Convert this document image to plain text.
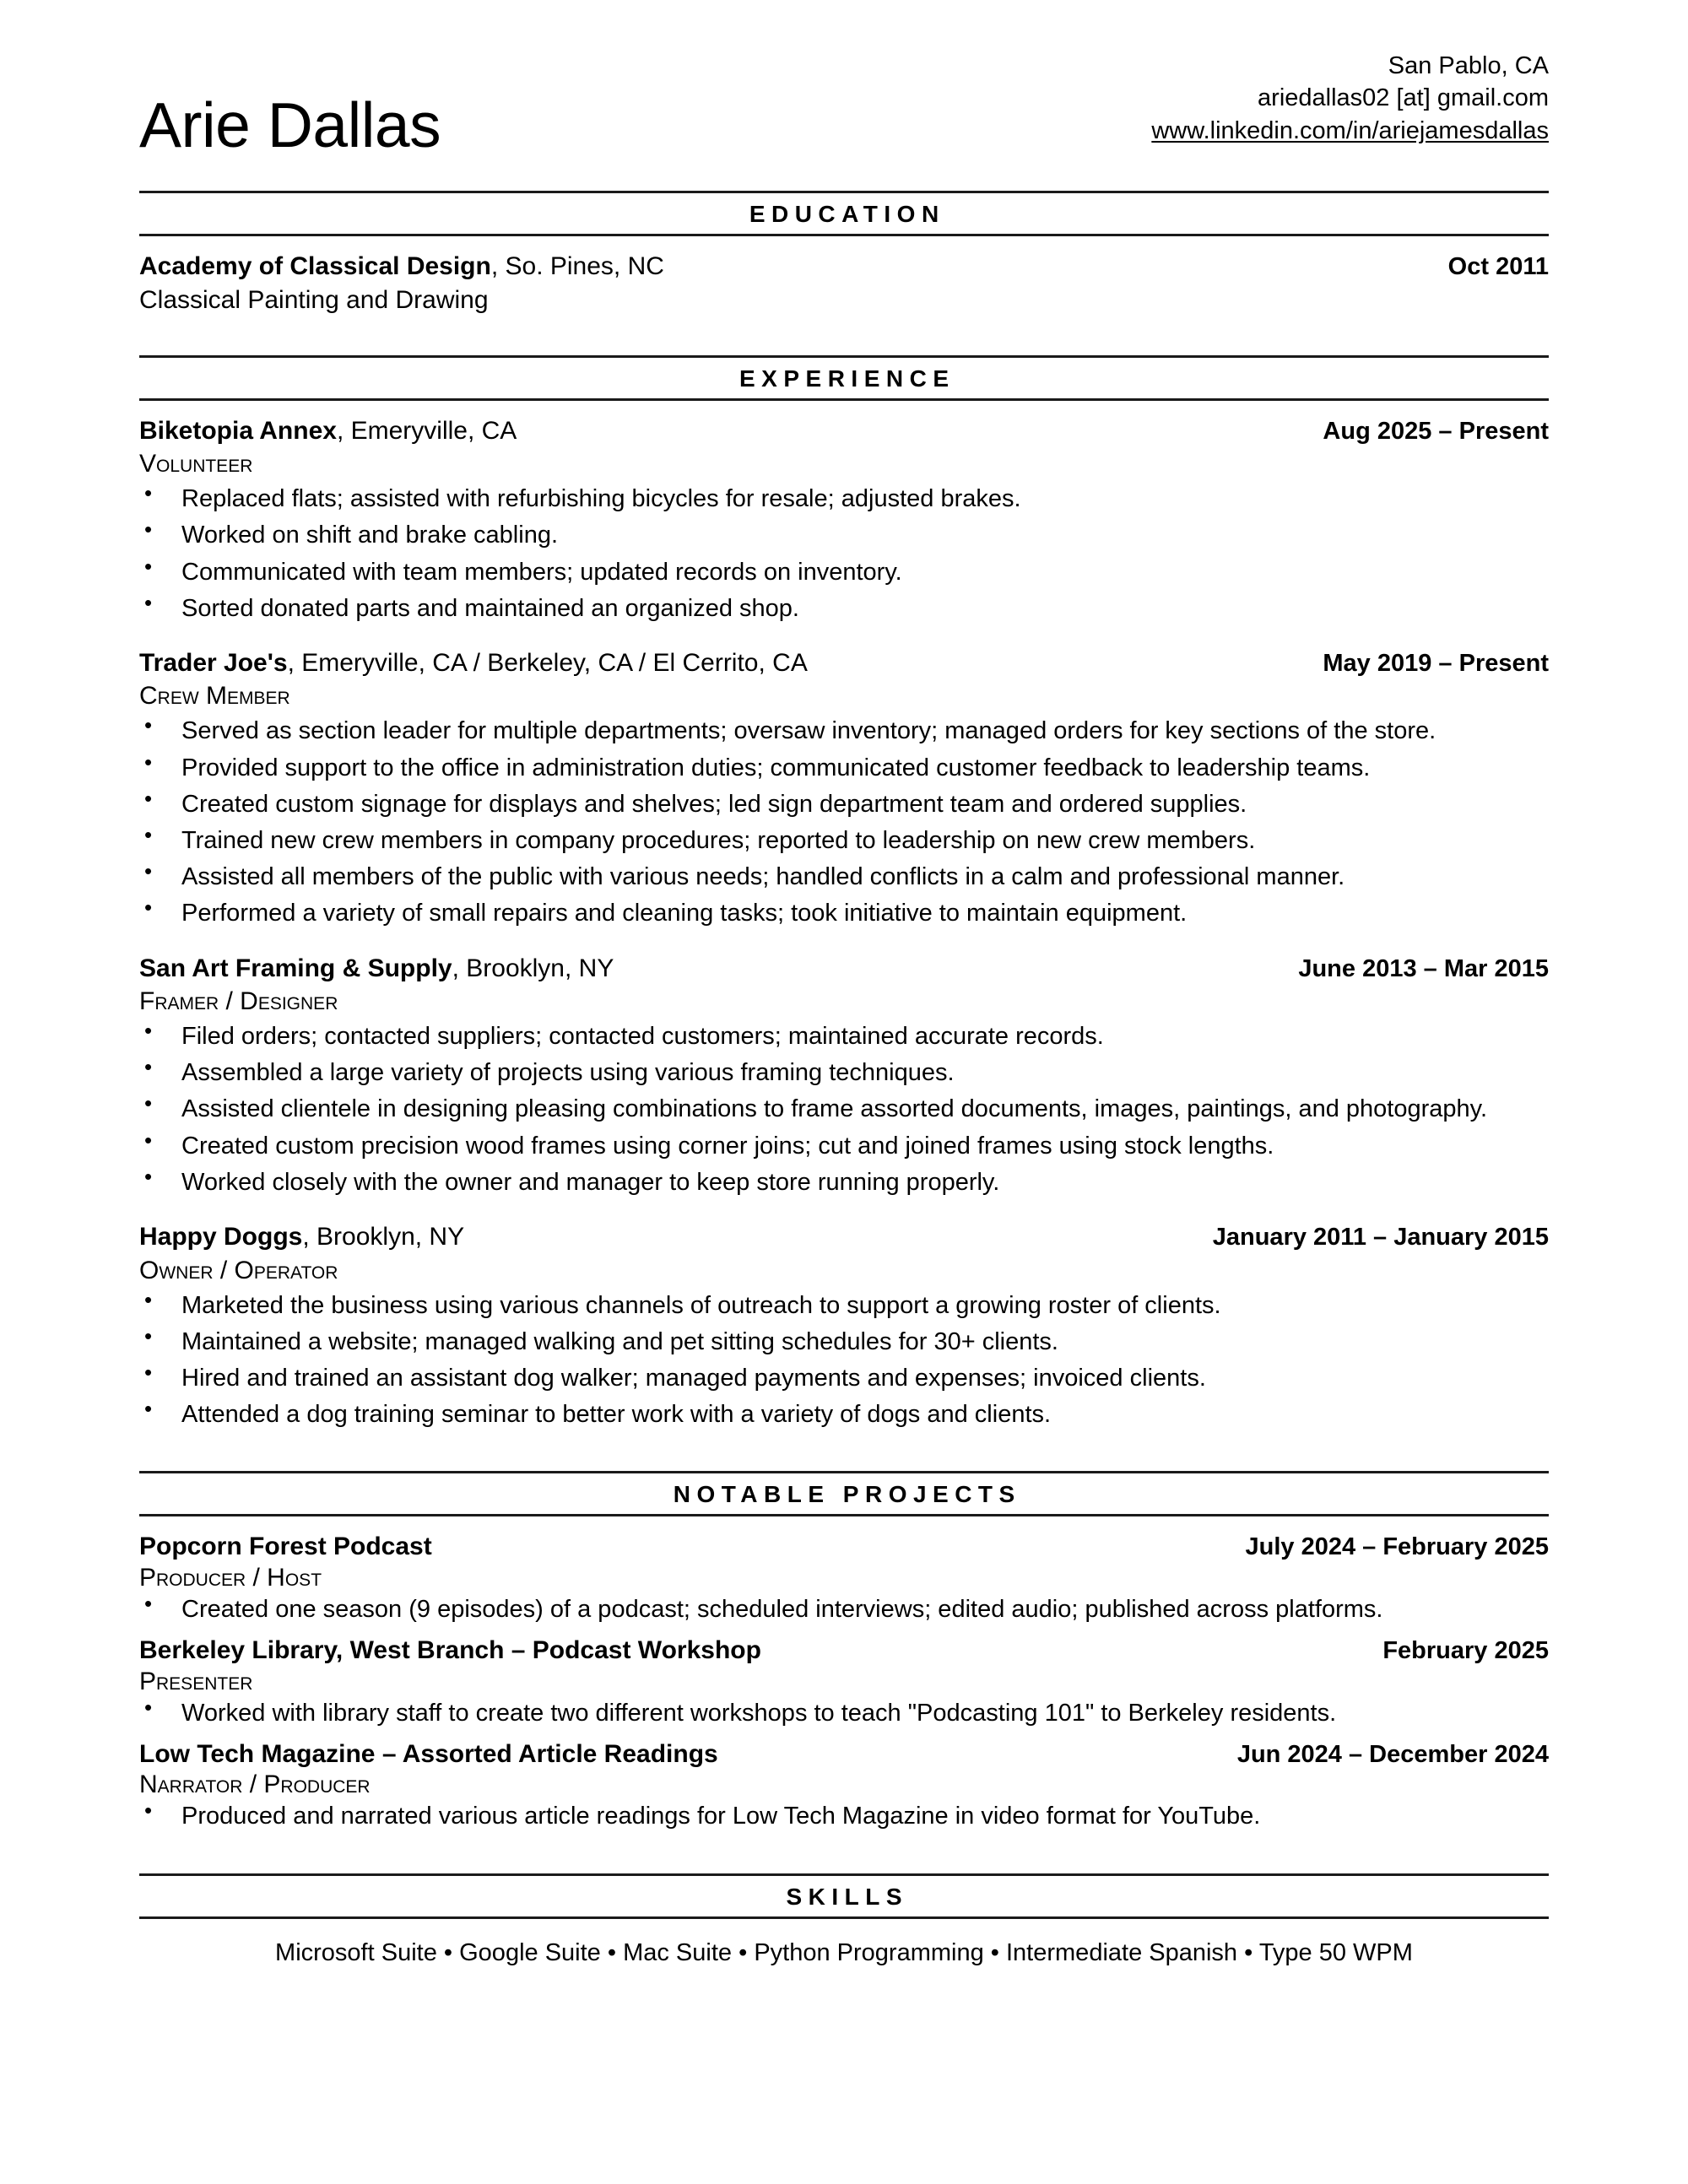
Arie Dallas
San Pablo, CA
ariedallas02 [at] gmail.com
www.linkedin.com/in/ariejamesdallas
EDUCATION
Academy of Classical Design, So. Pines, NC	Oct 2011
Classical Painting and Drawing
EXPERIENCE
Biketopia Annex, Emeryville, CA	Aug 2025 – Present
Volunteer
• Replaced flats; assisted with refurbishing bicycles for resale; adjusted brakes.
• Worked on shift and brake cabling.
• Communicated with team members; updated records on inventory.
• Sorted donated parts and maintained an organized shop.
Trader Joe's, Emeryville, CA / Berkeley, CA / El Cerrito, CA	May 2019 – Present
Crew Member
• Served as section leader for multiple departments; oversaw inventory; managed orders for key sections of the store.
• Provided support to the office in administration duties; communicated customer feedback to leadership teams.
• Created custom signage for displays and shelves; led sign department team and ordered supplies.
• Trained new crew members in company procedures; reported to leadership on new crew members.
• Assisted all members of the public with various needs; handled conflicts in a calm and professional manner.
• Performed a variety of small repairs and cleaning tasks; took initiative to maintain equipment.
San Art Framing & Supply, Brooklyn, NY	June 2013 – Mar 2015
Framer / Designer
• Filed orders; contacted suppliers; contacted customers; maintained accurate records.
• Assembled a large variety of projects using various framing techniques.
• Assisted clientele in designing pleasing combinations to frame assorted documents, images, paintings, and photography.
• Created custom precision wood frames using corner joins; cut and joined frames using stock lengths.
• Worked closely with the owner and manager to keep store running properly.
Happy Doggs, Brooklyn, NY	January 2011 – January 2015
Owner / Operator
• Marketed the business using various channels of outreach to support a growing roster of clients.
• Maintained a website; managed walking and pet sitting schedules for 30+ clients.
• Hired and trained an assistant dog walker; managed payments and expenses; invoiced clients.
• Attended a dog training seminar to better work with a variety of dogs and clients.
NOTABLE PROJECTS
Popcorn Forest Podcast	July 2024 – February 2025
Producer / Host
• Created one season (9 episodes) of a podcast; scheduled interviews; edited audio; published across platforms.
Berkeley Library, West Branch – Podcast Workshop	February 2025
Presenter
• Worked with library staff to create two different workshops to teach "Podcasting 101" to Berkeley residents.
Low Tech Magazine – Assorted Article Readings	Jun 2024 – December 2024
Narrator / Producer
• Produced and narrated various article readings for Low Tech Magazine in video format for YouTube.
SKILLS
Microsoft Suite • Google Suite • Mac Suite • Python Programming • Intermediate Spanish • Type 50 WPM
